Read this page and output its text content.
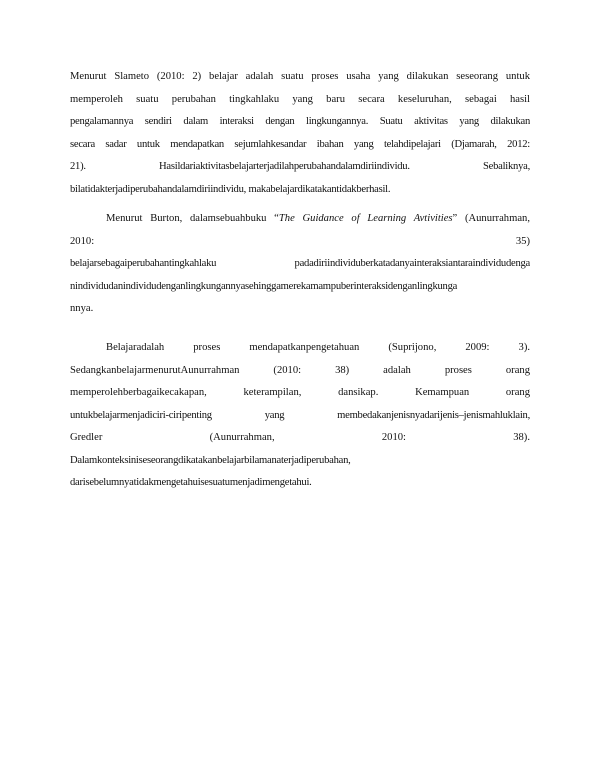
Menurut Slameto (2010: 2) belajar adalah suatu proses usaha yang dilakukan seseorang untuk
memperoleh suatu perubahan tingkahlaku yang baru secara keseluruhan, sebagai hasil
pengalamannya sendiri dalam interaksi dengan lingkungannya. Suatu aktivitas yang dilakukan
secara sadar untuk mendapatkan sejumlahkesandar ibahan yang telahdipelajari (Djamarah, 2012:
21). Hasildariaktivitasbelajarterjadilahperubahandalamdiriindividu. Sebaliknya,
bilatidakterjadiperubahandalamdiriindividu, makabelajardikatakantidakberhasil.
Menurut Burton, dalamsebuahbuku “The Guidance of Learning Avtivities” (Aunurrahman,
2010: 35)
belajarsebagaiperubahantingkahlaku padadiriindividuberkatadanyainteraksiantaraindividudenga
nindividudanindividudenganlingkungannyasehinggamerekamampuberinteraksidenganlingkunga
nnya.
Belajaradalah proses mendapatkanpengetahuan (Suprijono, 2009: 3).
SedangkanbelajarmenurutAunurrahman (2010: 38) adalah proses orang
memperolehberbagaikecakapan, keterampilan, dansikap. Kemampuan orang
untukbelajarmenjadiciri-ciripenting yang membedakanjenisnyadarijenis–jenismahluklain,
Gredler (Aunurrahman, 2010: 38).
Dalamkonteksiniseseorangdikatakanbelajarbilamanaterjadiperubahan,
darisebelumnyatidakmengetahuisesuatumenjadimengetahui.
